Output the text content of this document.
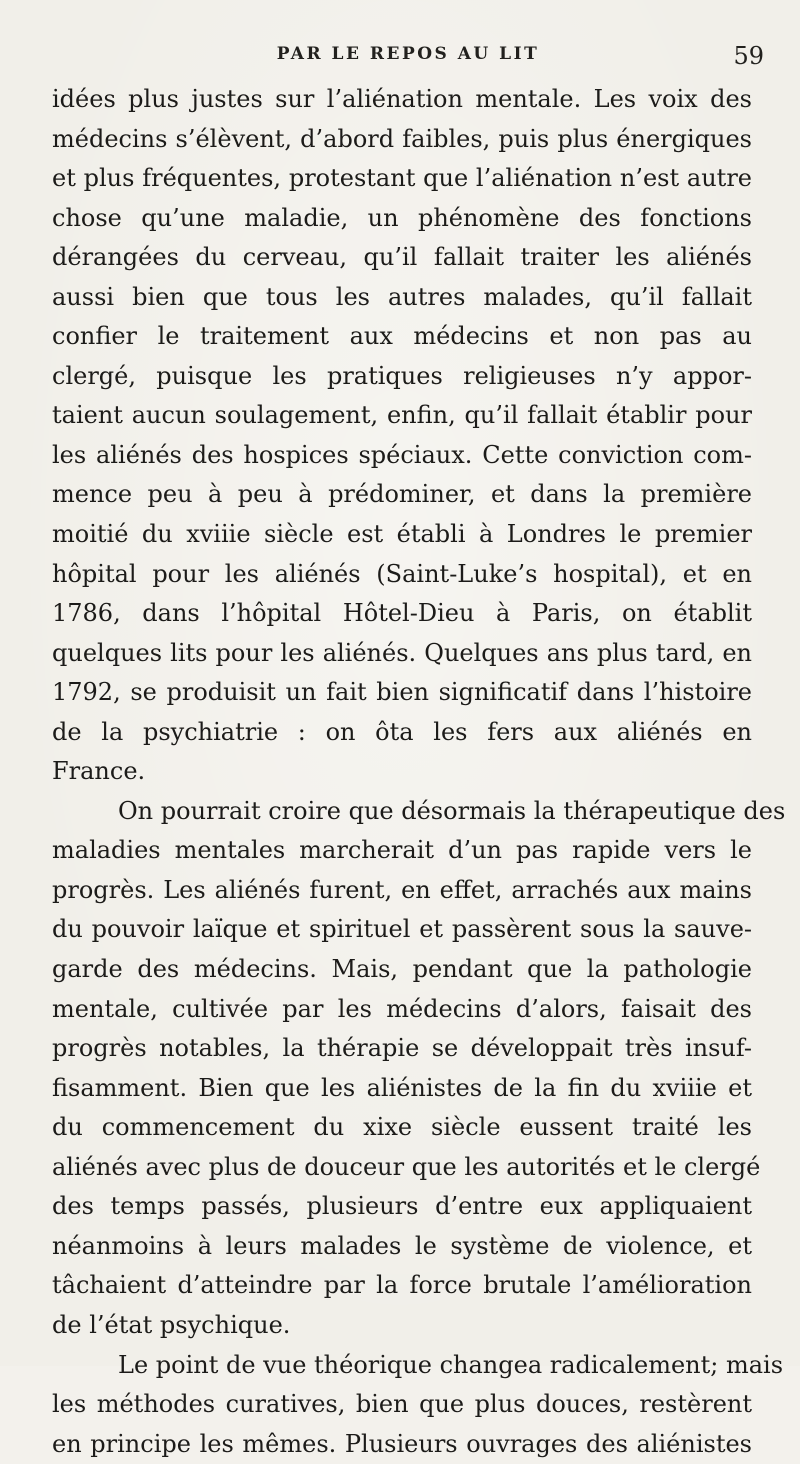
PAR LE REPOS AU LIT	59
idées plus justes sur l’aliénation mentale. Les voix des
médecins s’élèvent, d’abord faibles, puis plus énergiques
et plus fréquentes, protestant que l’aliénation n’est autre
chose qu’une maladie, un phénomène des fonctions
dérangées du cerveau, qu’il fallait traiter les aliénés
aussi bien que tous les autres malades, qu’il fallait
confier le traitement aux médecins et non pas au
clergé, puisque les pratiques religieuses n’y appor-
taient aucun soulagement, enfin, qu’il fallait établir pour
les aliénés des hospices spéciaux. Cette conviction com-
mence peu à peu à prédominer, et dans la première
moitié du xviiie siècle est établi à Londres le premier
hôpital pour les aliénés (Saint-Luke’s hospital), et en
1786, dans l’hôpital Hôtel-Dieu à Paris, on établit
quelques lits pour les aliénés. Quelques ans plus tard, en
1792, se produisit un fait bien significatif dans l’histoire
de la psychiatrie : on ôta les fers aux aliénés en
France.
On pourrait croire que désormais la thérapeutique des
maladies mentales marcherait d’un pas rapide vers le
progrès. Les aliénés furent, en effet, arrachés aux mains
du pouvoir laïque et spirituel et passèrent sous la sauve-
garde des médecins. Mais, pendant que la pathologie
mentale, cultivée par les médecins d’alors, faisait des
progrès notables, la thérapie se développait très insuf-
fisamment. Bien que les aliénistes de la fin du xviiie et
du commencement du xixe siècle eussent traité les
aliénés avec plus de douceur que les autorités et le clergé
des temps passés, plusieurs d’entre eux appliquaient
néanmoins à leurs malades le système de violence, et
tâchaient d’atteindre par la force brutale l’amélioration
de l’état psychique.
Le point de vue théorique changea radicalement; mais
les méthodes curatives, bien que plus douces, restèrent
en principe les mêmes. Plusieurs ouvrages des aliénistes
